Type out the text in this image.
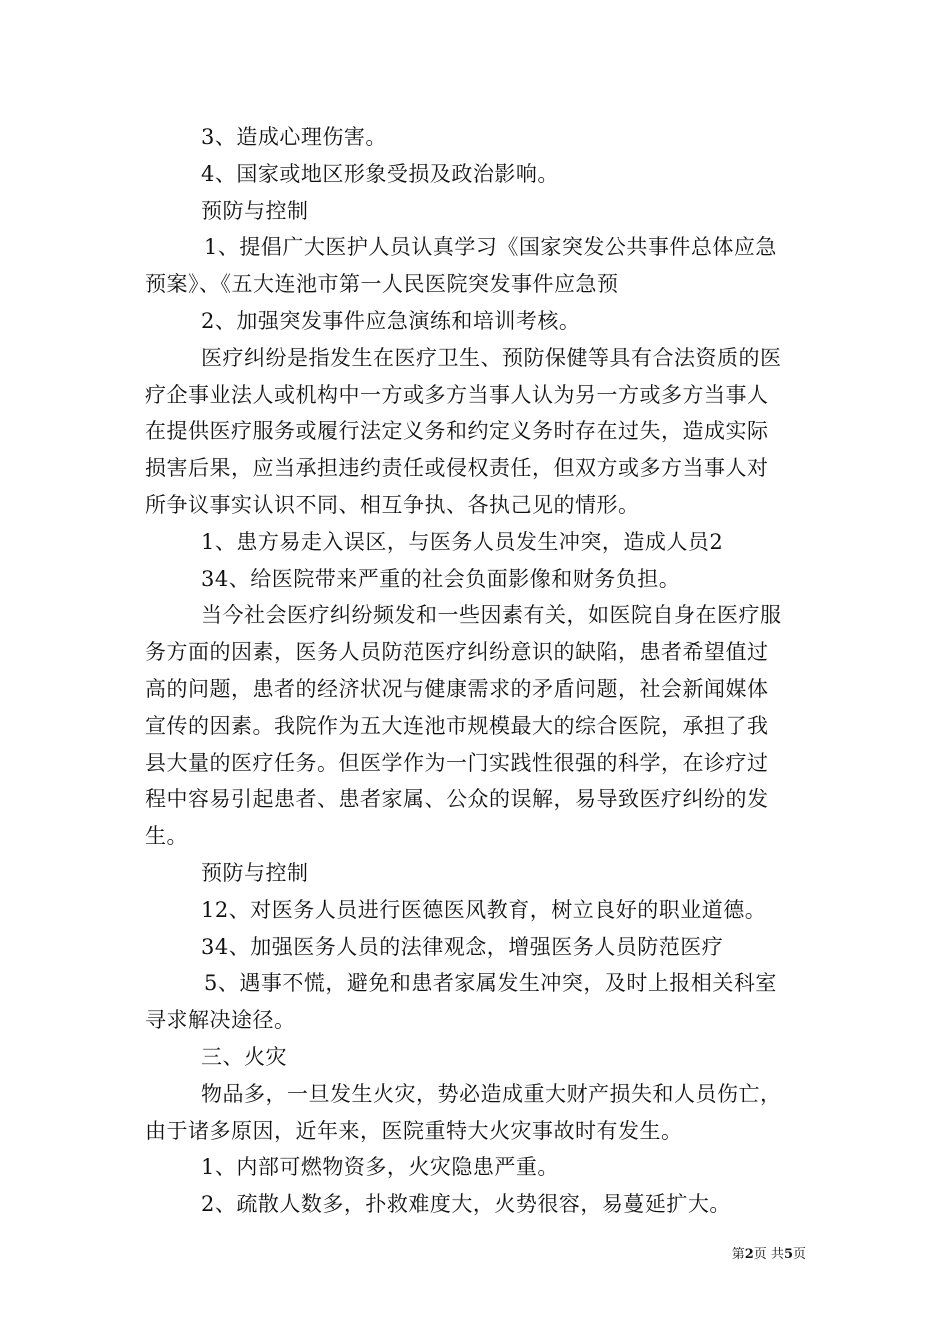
3、造成心理伤害。
4、国家或地区形象受损及政治影响。
预防与控制
1、提倡广大医护人员认真学习《国家突发公共事件总体应急
预案》、《五大连池市第一人民医院突发事件应急预
2、加强突发事件应急演练和培训考核。
医疗纠纷是指发生在医疗卫生、预防保健等具有合法资质的医
疗企事业法人或机构中一方或多方当事人认为另一方或多方当事人
在提供医疗服务或履行法定义务和约定义务时存在过失，造成实际
损害后果，应当承担违约责任或侵权责任，但双方或多方当事人对
所争议事实认识不同、相互争执、各执己见的情形。
1、患方易走入误区，与医务人员发生冲突，造成人员2
34、给医院带来严重的社会负面影像和财务负担。
当今社会医疗纠纷频发和一些因素有关，如医院自身在医疗服
务方面的因素，医务人员防范医疗纠纷意识的缺陷，患者希望值过
高的问题，患者的经济状况与健康需求的矛盾问题，社会新闻媒体
宣传的因素。我院作为五大连池市规模最大的综合医院，承担了我
县大量的医疗任务。但医学作为一门实践性很强的科学，在诊疗过
程中容易引起患者、患者家属、公众的误解，易导致医疗纠纷的发
生。
预防与控制
12、对医务人员进行医德医风教育，树立良好的职业道德。
34、加强医务人员的法律观念，增强医务人员防范医疗
5、遇事不慌，避免和患者家属发生冲突，及时上报相关科室
寻求解决途径。
三、火灾
物品多，一旦发生火灾，势必造成重大财产损失和人员伤亡，
由于诸多原因，近年来，医院重特大火灾事故时有发生。
1、内部可燃物资多，火灾隐患严重。
2、疏散人数多，扑救难度大，火势很容，易蔓延扩大。
第2页 共5页
